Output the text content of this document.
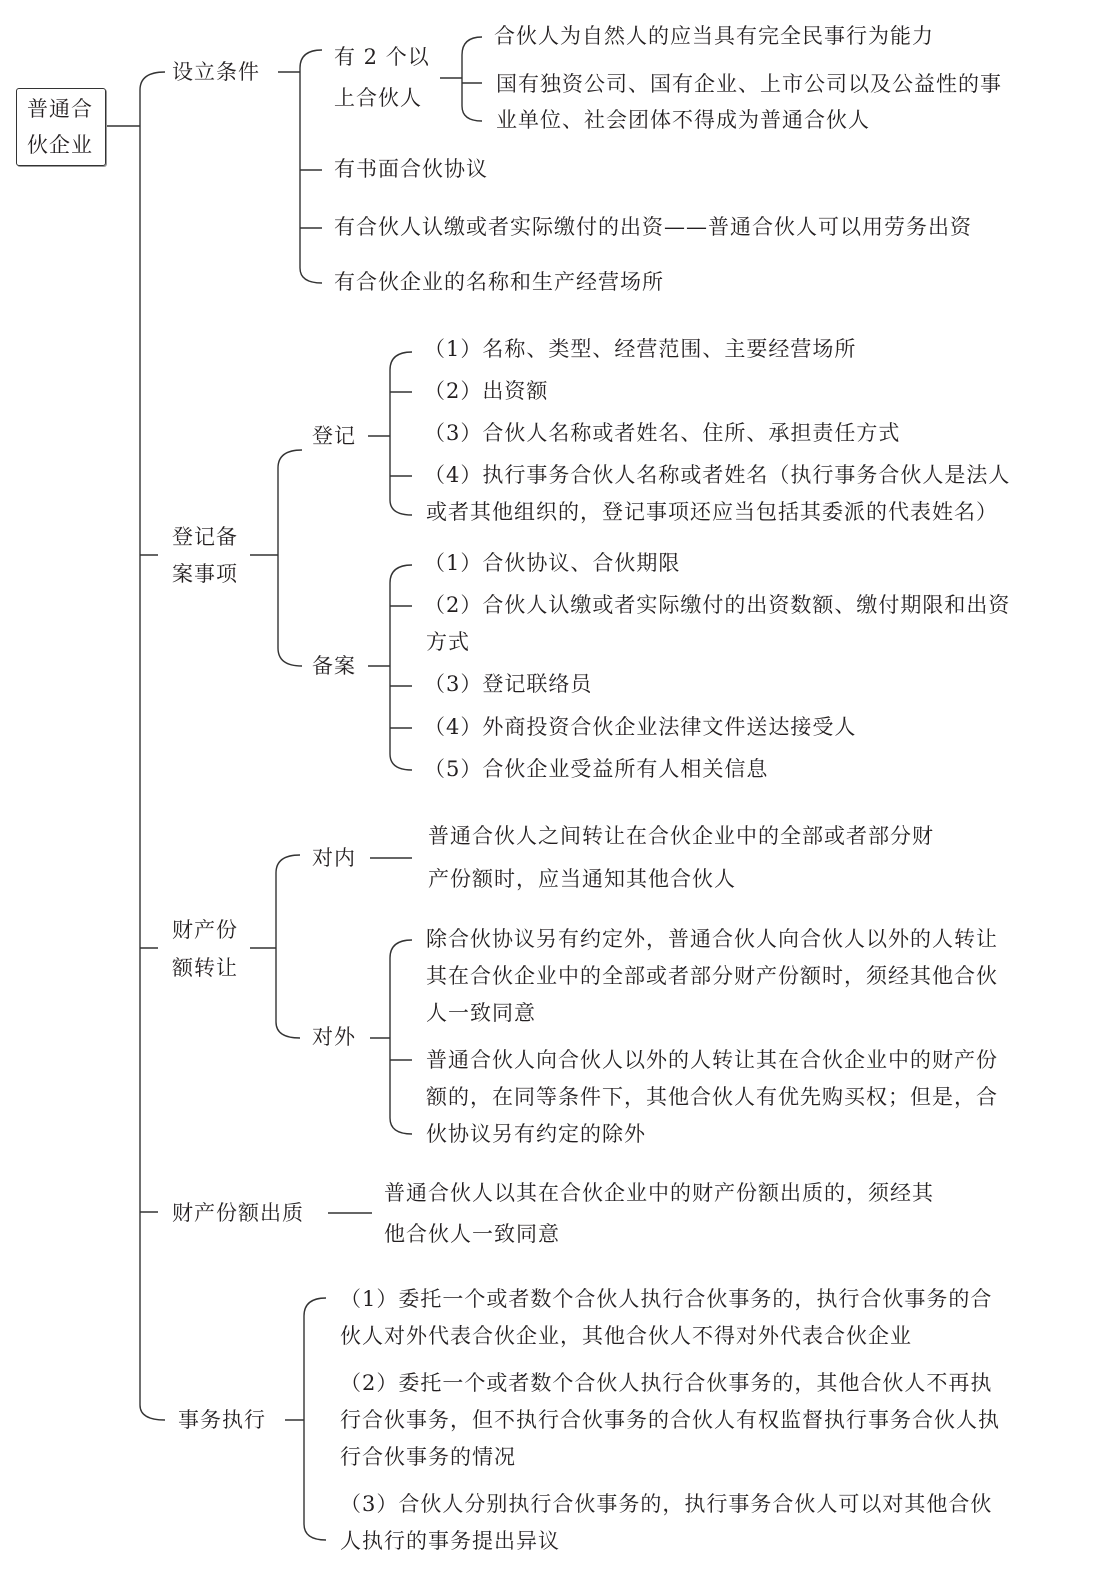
普通合
伙企业
设立条件
有 2 个以
上合伙人
合伙人为自然人的应当具有完全民事行为能力
国有独资公司、国有企业、上市公司以及公益性的事
业单位、社会团体不得成为普通合伙人
有书面合伙协议
有合伙人认缴或者实际缴付的出资——普通合伙人可以用劳务出资
有合伙企业的名称和生产经营场所
登记备
案事项
登记
（1）名称、类型、经营范围、主要经营场所
（2）出资额
（3）合伙人名称或者姓名、住所、承担责任方式
（4）执行事务合伙人名称或者姓名（执行事务合伙人是法人
或者其他组织的，登记事项还应当包括其委派的代表姓名）
备案
（1）合伙协议、合伙期限
（2）合伙人认缴或者实际缴付的出资数额、缴付期限和出资
方式
（3）登记联络员
（4）外商投资合伙企业法律文件送达接受人
（5）合伙企业受益所有人相关信息
财产份
额转让
对内
普通合伙人之间转让在合伙企业中的全部或者部分财
产份额时，应当通知其他合伙人
对外
除合伙协议另有约定外，普通合伙人向合伙人以外的人转让
其在合伙企业中的全部或者部分财产份额时，须经其他合伙
人一致同意
普通合伙人向合伙人以外的人转让其在合伙企业中的财产份
额的，在同等条件下，其他合伙人有优先购买权；但是，合
伙协议另有约定的除外
财产份额出质
普通合伙人以其在合伙企业中的财产份额出质的，须经其
他合伙人一致同意
事务执行
（1）委托一个或者数个合伙人执行合伙事务的，执行合伙事务的合
伙人对外代表合伙企业，其他合伙人不得对外代表合伙企业
（2）委托一个或者数个合伙人执行合伙事务的，其他合伙人不再执
行合伙事务，但不执行合伙事务的合伙人有权监督执行事务合伙人执
行合伙事务的情况
（3）合伙人分别执行合伙事务的，执行事务合伙人可以对其他合伙
人执行的事务提出异议
